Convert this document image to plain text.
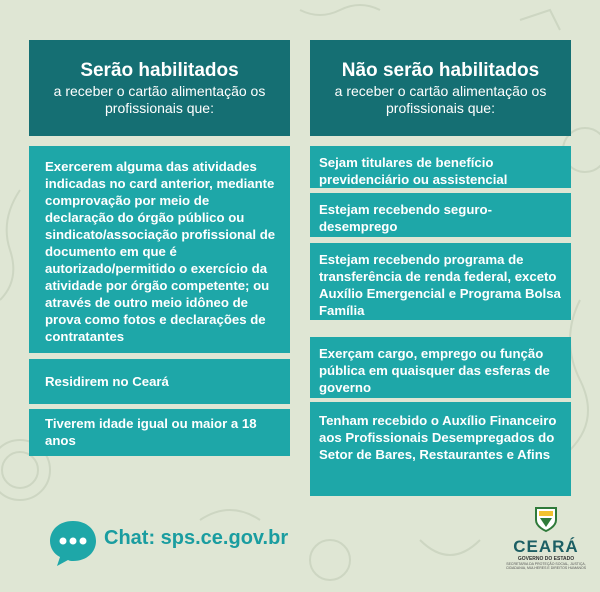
Serão habilitados
a receber o cartão alimentação os profissionais que:
Exercerem alguma das atividades indicadas no card anterior, mediante comprovação por meio de declaração do órgão público ou sindicato/associação profissional de documento em que é autorizado/permitido o exercício da atividade por órgão competente; ou através de outro meio idôneo de prova como fotos e declarações de contratantes
Residirem no Ceará
Tiverem idade igual ou maior a 18 anos
Não serão habilitados
a receber o cartão alimentação os profissionais que:
Sejam titulares de benefício previdenciário ou assistencial
Estejam recebendo seguro-desemprego
Estejam recebendo programa de transferência de renda federal, exceto Auxílio Emergencial e Programa Bolsa Família
Exerçam cargo, emprego ou função pública em quaisquer das esferas de governo
Tenham recebido o Auxílio Financeiro aos Profissionais Desempregados do Setor de Bares, Restaurantes e Afins
Chat: sps.ce.gov.br	CEARÁ
GOVERNO DO ESTADO
SECRETARIA DA PROTEÇÃO SOCIAL, JUSTIÇA, CIDADANIA, MULHERES E DIREITOS HUMANOS
